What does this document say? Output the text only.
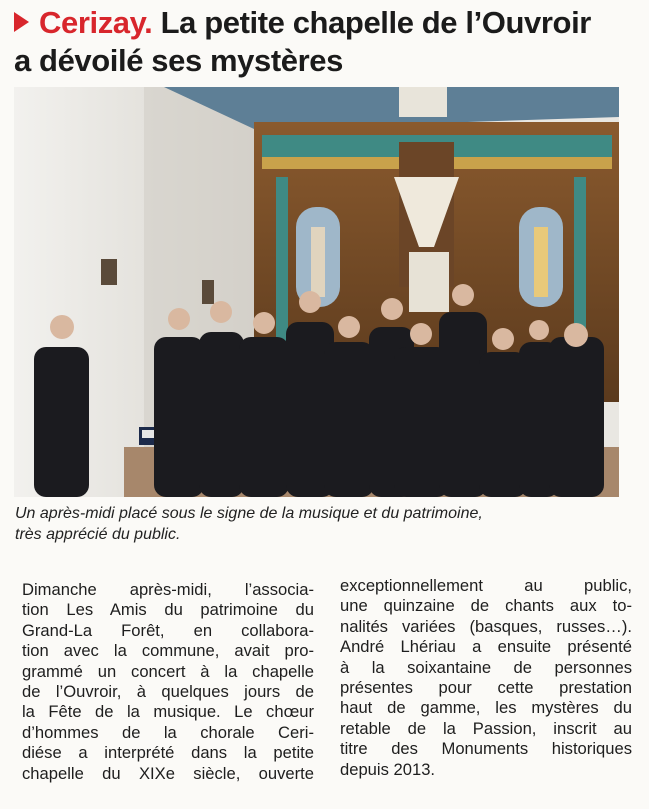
Cerizay. La petite chapelle de l’Ouvroir
a dévoilé ses mystères
Un après-midi placé sous le signe de la musique et du patrimoine,
très apprécié du public.
Dimanche après-midi, l’associa-
tion Les Amis du patrimoine du
Grand-La Forêt, en collabora-
tion avec la commune, avait pro-
grammé un concert à la chapelle
de l’Ouvroir, à quelques jours de
la Fête de la musique. Le chœur
d’hommes de la chorale Ceri-
diése a interprété dans la petite
chapelle du XIXe siècle, ouverte
exceptionnellement au public,
une quinzaine de chants aux to-
nalités variées (basques, russes…).
André Lhériau a ensuite présenté
à la soixantaine de personnes
présentes pour cette prestation
haut de gamme, les mystères du
retable de la Passion, inscrit au
titre des Monuments historiques
depuis 2013.
